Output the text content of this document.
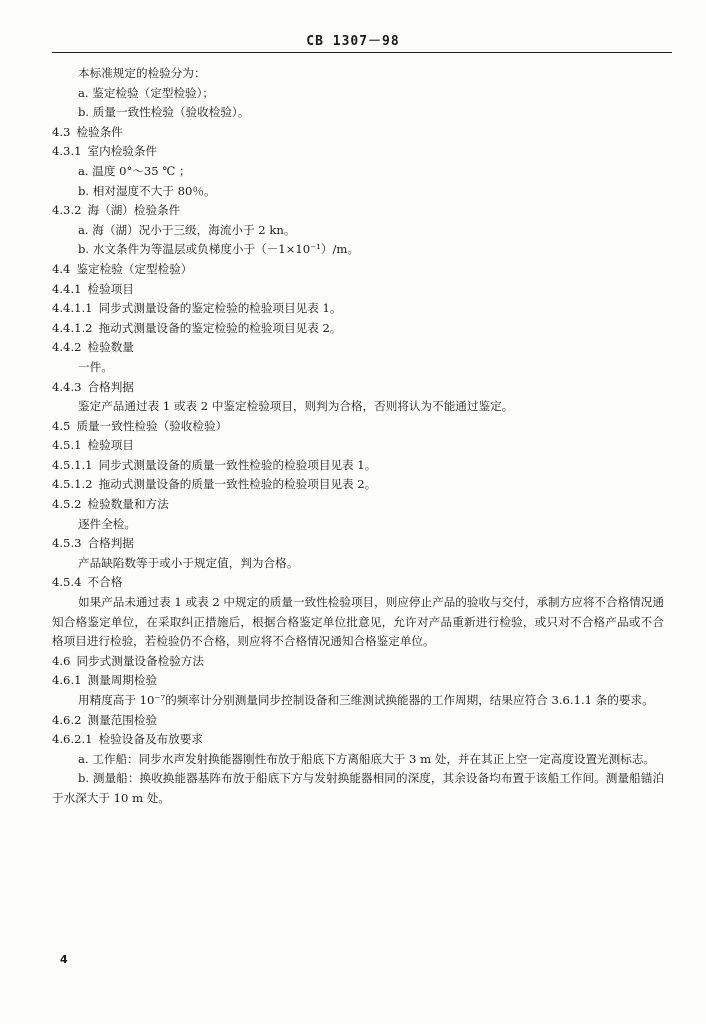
CB 1307－98
本标准规定的检验分为：
a. 鉴定检验（定型检验）；
b. 质量一致性检验（验收检验）。
4.3 检验条件
4.3.1 室内检验条件
a. 温度 0°～35 ℃ ；
b. 相对湿度不大于 80％。
4.3.2 海（湖）检验条件
a. 海（湖）况小于三级，海流小于 2 kn。
b. 水文条件为等温层或负梯度小于（－1×10⁻¹）/m。
4.4 鉴定检验（定型检验）
4.4.1 检验项目
4.4.1.1 同步式测量设备的鉴定检验的检验项目见表 1。
4.4.1.2 拖动式测量设备的鉴定检验的检验项目见表 2。
4.4.2 检验数量
一件。
4.4.3 合格判据
鉴定产品通过表 1 或表 2 中鉴定检验项目，则判为合格，否则将认为不能通过鉴定。
4.5 质量一致性检验（验收检验）
4.5.1 检验项目
4.5.1.1 同步式测量设备的质量一致性检验的检验项目见表 1。
4.5.1.2 拖动式测量设备的质量一致性检验的检验项目见表 2。
4.5.2 检验数量和方法
逐件全检。
4.5.3 合格判据
产品缺陷数等于或小于规定值，判为合格。
4.5.4 不合格
如果产品未通过表 1 或表 2 中规定的质量一致性检验项目，则应停止产品的验收与交付，承制方应将不合格情况通知合格鉴定单位，在采取纠正措施后，根据合格鉴定单位批意见，允许对产品重新进行检验，或只对不合格产品或不合格项目进行检验，若检验仍不合格，则应将不合格情况通知合格鉴定单位。
4.6 同步式测量设备检验方法
4.6.1 测量周期检验
用精度高于 10⁻⁷的频率计分别测量同步控制设备和三维测试换能器的工作周期，结果应符合 3.6.1.1 条的要求。
4.6.2 测量范围检验
4.6.2.1 检验设备及布放要求
a. 工作船：同步水声发射换能器刚性布放于船底下方离船底大于 3 m 处，并在其正上空一定高度设置光测标志。
b. 测量船：换收换能器基阵布放于船底下方与发射换能器相同的深度，其余设备均布置于该船工作间。测量船锚泊于水深大于 10 m 处。
4
